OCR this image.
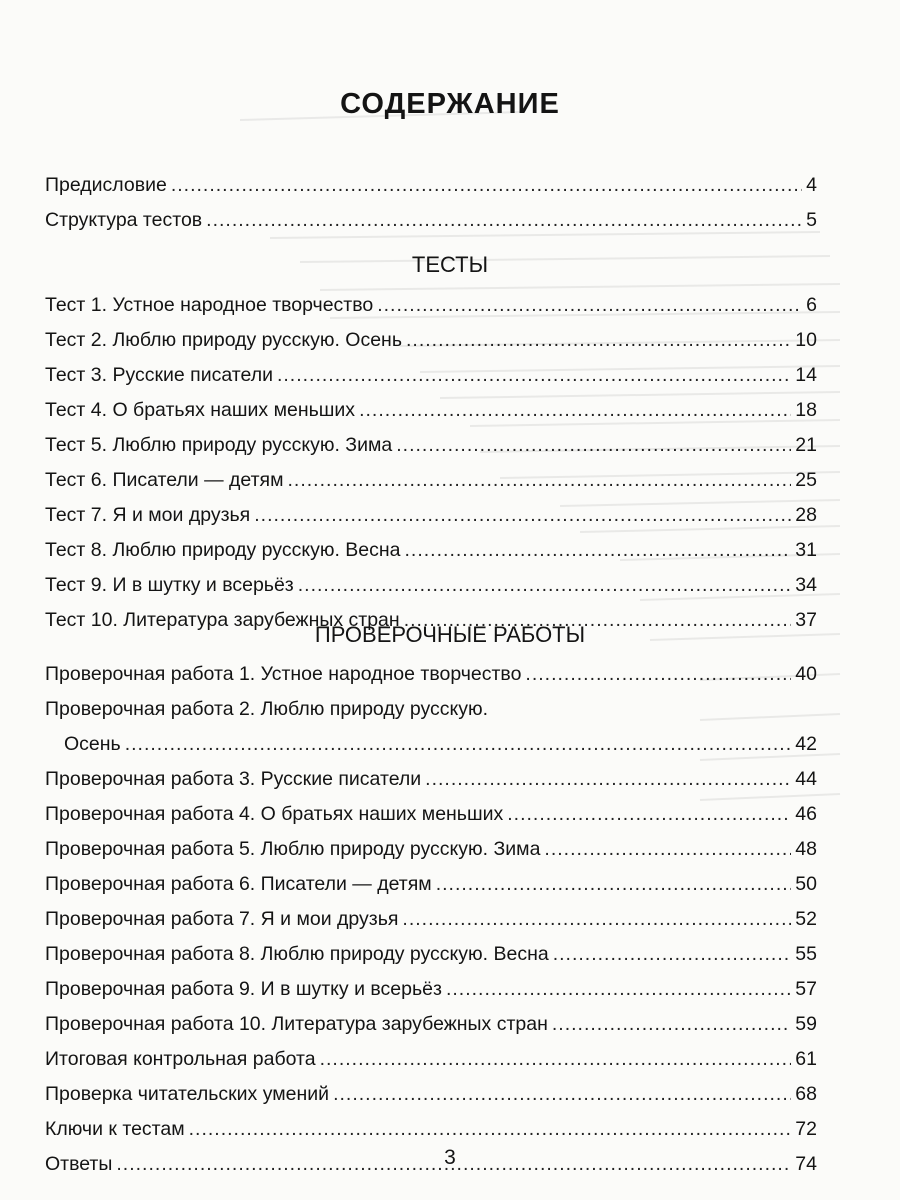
СОДЕРЖАНИЕ
Предисловие .....	4
Структура тестов .....	5
ТЕСТЫ
Тест 1. Устное народное творчество .....	6
Тест 2. Люблю природу русскую. Осень .....	10
Тест 3. Русские писатели .....	14
Тест 4. О братьях наших меньших .....	18
Тест 5. Люблю природу русскую. Зима .....	21
Тест 6. Писатели — детям .....	25
Тест 7. Я и мои друзья .....	28
Тест 8. Люблю природу русскую. Весна .....	31
Тест 9. И в шутку и всерьёз .....	34
Тест 10. Литература зарубежных стран .....	37
ПРОВЕРОЧНЫЕ РАБОТЫ
Проверочная работа 1. Устное народное творчество .....	40
Проверочная работа 2. Люблю природу русскую.
Осень .....	42
Проверочная работа 3. Русские писатели .....	44
Проверочная работа 4. О братьях наших меньших .....	46
Проверочная работа 5. Люблю природу русскую. Зима .....	48
Проверочная работа 6. Писатели — детям .....	50
Проверочная работа 7. Я и мои друзья .....	52
Проверочная работа 8. Люблю природу русскую. Весна .....	55
Проверочная работа 9. И в шутку и всерьёз .....	57
Проверочная работа 10. Литература зарубежных стран .....	59
Итоговая контрольная работа .....	61
Проверка читательских умений .....	68
Ключи к тестам .....	72
Ответы .....	74
3
